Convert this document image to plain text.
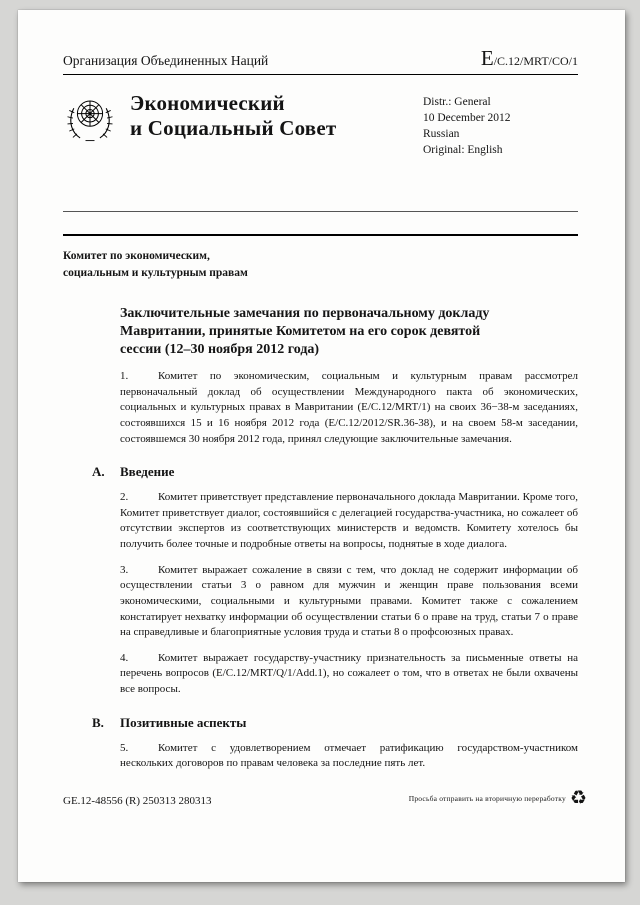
Организация Объединенных Наций	E/C.12/MRT/CO/1
Экономический
и Социальный Совет
Distr.: General
10 December 2012
Russian
Original: English
Комитет по экономическим,
социальным и культурным правам
Заключительные замечания по первоначальному докладу Мавритании, принятые Комитетом на его сорок девятой сессии (12–30 ноября 2012 года)
1.	Комитет по экономическим, социальным и культурным правам рассмотрел первоначальный доклад об осуществлении Международного пакта об экономических, социальных и культурных правах в Мавритании (E/C.12/MRT/1) на своих 36−38-м заседаниях, состоявшихся 15 и 16 ноября 2012 года (E/C.12/2012/SR.36-38), и на своем 58-м заседании, состоявшемся 30 ноября 2012 года, принял следующие заключительные замечания.
A. Введение
2.	Комитет приветствует представление первоначального доклада Мавритании. Кроме того, Комитет приветствует диалог, состоявшийся с делегацией государства-участника, но сожалеет об отсутствии экспертов из соответствующих министерств и ведомств. Комитету хотелось бы получить более точные и подробные ответы на вопросы, поднятые в ходе диалога.
3.	Комитет выражает сожаление в связи с тем, что доклад не содержит информации об осуществлении статьи 3 о равном для мужчин и женщин праве пользования всеми экономическими, социальными и культурными правами. Комитет также с сожалением констатирует нехватку информации об осуществлении статьи 6 о праве на труд, статьи 7 о праве на справедливые и благоприятные условия труда и статьи 8 о профсоюзных правах.
4.	Комитет выражает государству-участнику признательность за письменные ответы на перечень вопросов (E/C.12/MRT/Q/1/Add.1), но сожалеет о том, что в ответах не были охвачены все вопросы.
B. Позитивные аспекты
5.	Комитет с удовлетворением отмечает ратификацию государством-участником нескольких договоров по правам человека за последние пять лет.
GE.12-48556 (R) 250313 280313	Просьба отправить на вторичную переработку ♻
